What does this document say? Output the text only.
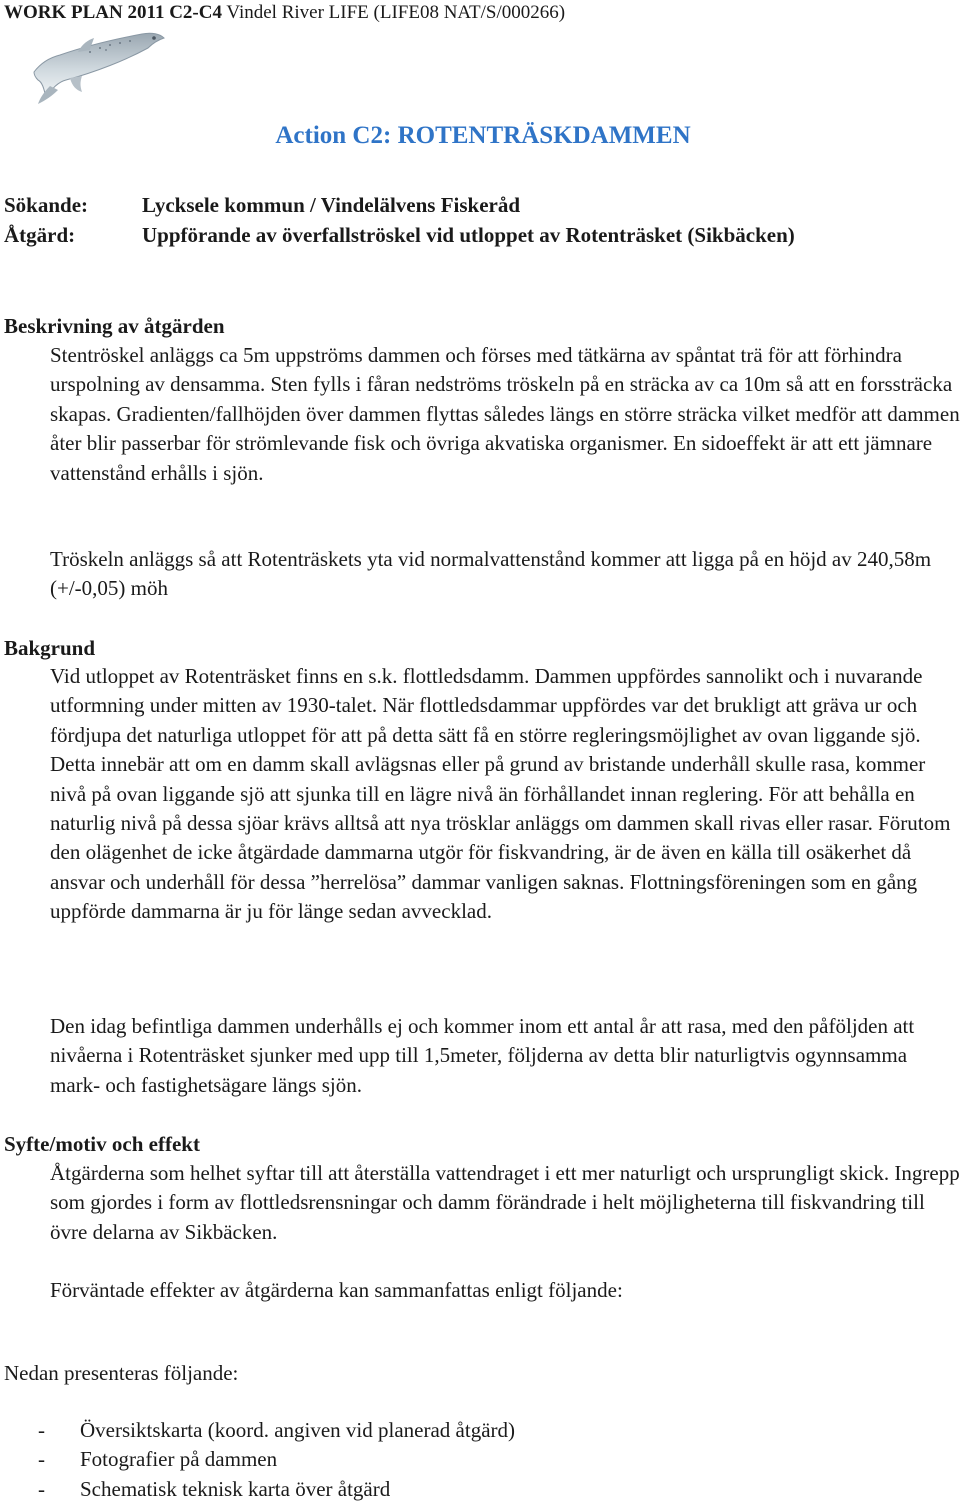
WORK PLAN 2011 C2-C4 Vindel River LIFE (LIFE08 NAT/S/000266)
Action C2: ROTENTRÄSKDAMMEN
Sökande:	Lycksele kommun / Vindelälvens Fiskeråd
Åtgärd:	Uppförande av överfallströskel vid utloppet av Rotenträsket (Sikbäcken)
Beskrivning av åtgärden
Stentröskel anläggs ca 5m uppströms dammen och förses med tätkärna av spåntat trä för att förhindra urspolning av densamma. Sten fylls i fåran nedströms tröskeln på en sträcka av ca 10m så att en forssträcka skapas. Gradienten/fallhöjden över dammen flyttas således längs en större sträcka vilket medför att dammen åter blir passerbar för strömlevande fisk och övriga akvatiska organismer. En sidoeffekt är att ett jämnare vattenstånd erhålls i sjön.
Tröskeln anläggs så att Rotenträskets yta vid normalvattenstånd kommer att ligga på en höjd av 240,58m (+/-0,05) möh
Bakgrund
Vid utloppet av Rotenträsket finns en s.k. flottledsdamm. Dammen uppfördes sannolikt och i nuvarande utformning under mitten av 1930-talet. När flottledsdammar uppfördes var det brukligt att gräva ur och fördjupa det naturliga utloppet för att på detta sätt få en större regleringsmöjlighet av ovan liggande sjö. Detta innebär att om en damm skall avlägsnas eller på grund av bristande underhåll skulle rasa, kommer nivå på ovan liggande sjö att sjunka till en lägre nivå än förhållandet innan reglering. För att behålla en naturlig nivå på dessa sjöar krävs alltså att nya trösklar anläggs om dammen skall rivas eller rasar. Förutom den olägenhet de icke åtgärdade dammarna utgör för fiskvandring, är de även en källa till osäkerhet då ansvar och underhåll för dessa ”herrelösa” dammar vanligen saknas. Flottningsföreningen som en gång uppförde dammarna är ju för länge sedan avvecklad.
Den idag befintliga dammen underhålls ej och kommer inom ett antal år att rasa, med den påföljden att nivåerna i Rotenträsket sjunker med upp till 1,5meter, följderna av detta blir naturligtvis ogynnsamma mark- och fastighetsägare längs sjön.
Syfte/motiv och effekt
Åtgärderna som helhet syftar till att återställa vattendraget i ett mer naturligt och ursprungligt skick. Ingrepp som gjordes i form av flottledsrensningar och damm förändrade i helt möjligheterna till fiskvandring till övre delarna av Sikbäcken.
Förväntade effekter av åtgärderna kan sammanfattas enligt följande:
Nedan presenteras följande:
- Översiktskarta (koord. angiven vid planerad åtgärd)
- Fotografier på dammen
- Schematisk teknisk karta över åtgärd
